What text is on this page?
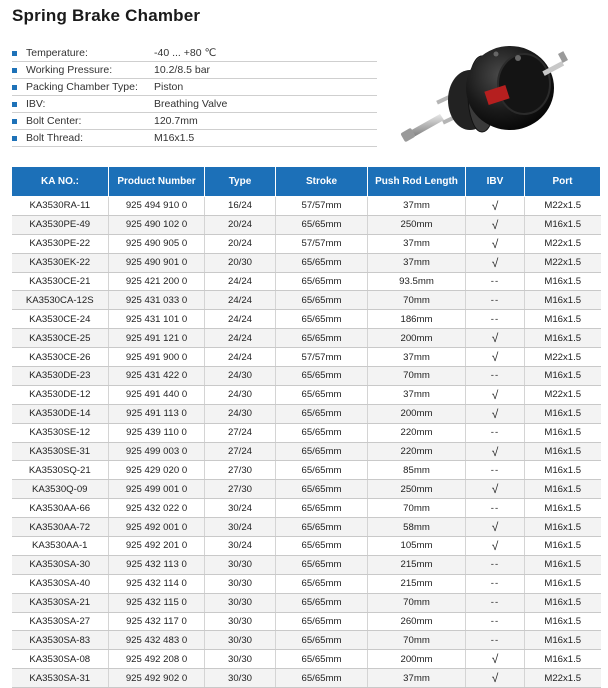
Spring Brake Chamber
Temperature:	-40 ... +80 ℃
Working Pressure:	10.2/8.5 bar
Packing Chamber Type:	Piston
IBV:	Breathing Valve
Bolt Center:	120.7mm
Bolt Thread:	M16x1.5
KA NO.:	Product Number	Type	Stroke	Push Rod Length	IBV	Port
KA3530RA-11	925 494 910 0	16/24	57/57mm	37mm	√	M22x1.5
KA3530PE-49	925 490 102 0	20/24	65/65mm	250mm	√	M16x1.5
KA3530PE-22	925 490 905 0	20/24	57/57mm	37mm	√	M22x1.5
KA3530EK-22	925 490 901 0	20/30	65/65mm	37mm	√	M22x1.5
KA3530CE-21	925 421 200 0	24/24	65/65mm	93.5mm	--	M16x1.5
KA3530CA-12S	925 431 033 0	24/24	65/65mm	70mm	--	M16x1.5
KA3530CE-24	925 431 101 0	24/24	65/65mm	186mm	--	M16x1.5
KA3530CE-25	925 491 121 0	24/24	65/65mm	200mm	√	M16x1.5
KA3530CE-26	925 491 900 0	24/24	57/57mm	37mm	√	M22x1.5
KA3530DE-23	925 431 422 0	24/30	65/65mm	70mm	--	M16x1.5
KA3530DE-12	925 491 440 0	24/30	65/65mm	37mm	√	M22x1.5
KA3530DE-14	925 491 113 0	24/30	65/65mm	200mm	√	M16x1.5
KA3530SE-12	925 439 110 0	27/24	65/65mm	220mm	--	M16x1.5
KA3530SE-31	925 499 003 0	27/24	65/65mm	220mm	√	M16x1.5
KA3530SQ-21	925 429 020 0	27/30	65/65mm	85mm	--	M16x1.5
KA3530Q-09	925 499 001 0	27/30	65/65mm	250mm	√	M16x1.5
KA3530AA-66	925 432 022 0	30/24	65/65mm	70mm	--	M16x1.5
KA3530AA-72	925 492 001 0	30/24	65/65mm	58mm	√	M16x1.5
KA3530AA-1	925 492 201 0	30/24	65/65mm	105mm	√	M16x1.5
KA3530SA-30	925 432 113 0	30/30	65/65mm	215mm	--	M16x1.5
KA3530SA-40	925 432 114 0	30/30	65/65mm	215mm	--	M16x1.5
KA3530SA-21	925 432 115 0	30/30	65/65mm	70mm	--	M16x1.5
KA3530SA-27	925 432 117 0	30/30	65/65mm	260mm	--	M16x1.5
KA3530SA-83	925 432 483 0	30/30	65/65mm	70mm	--	M16x1.5
KA3530SA-08	925 492 208 0	30/30	65/65mm	200mm	√	M16x1.5
KA3530SA-31	925 492 902 0	30/30	65/65mm	37mm	√	M22x1.5
